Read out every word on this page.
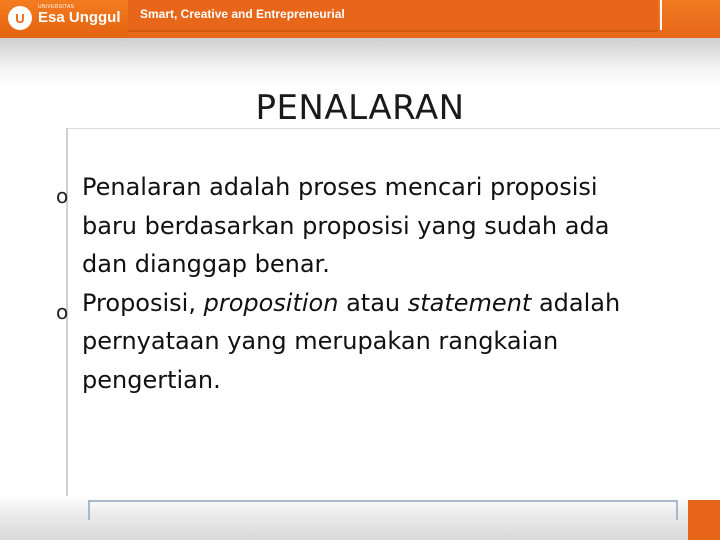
U
UNIVERSITAS
Esa Unggul Smart, Creative and Entrepreneurial
PENALARAN
o Penalaran adalah proses mencari proposisi baru berdasarkan proposisi yang sudah ada dan dianggap benar.
o Proposisi, proposition atau statement adalah pernyataan yang merupakan rangkaian pengertian.
